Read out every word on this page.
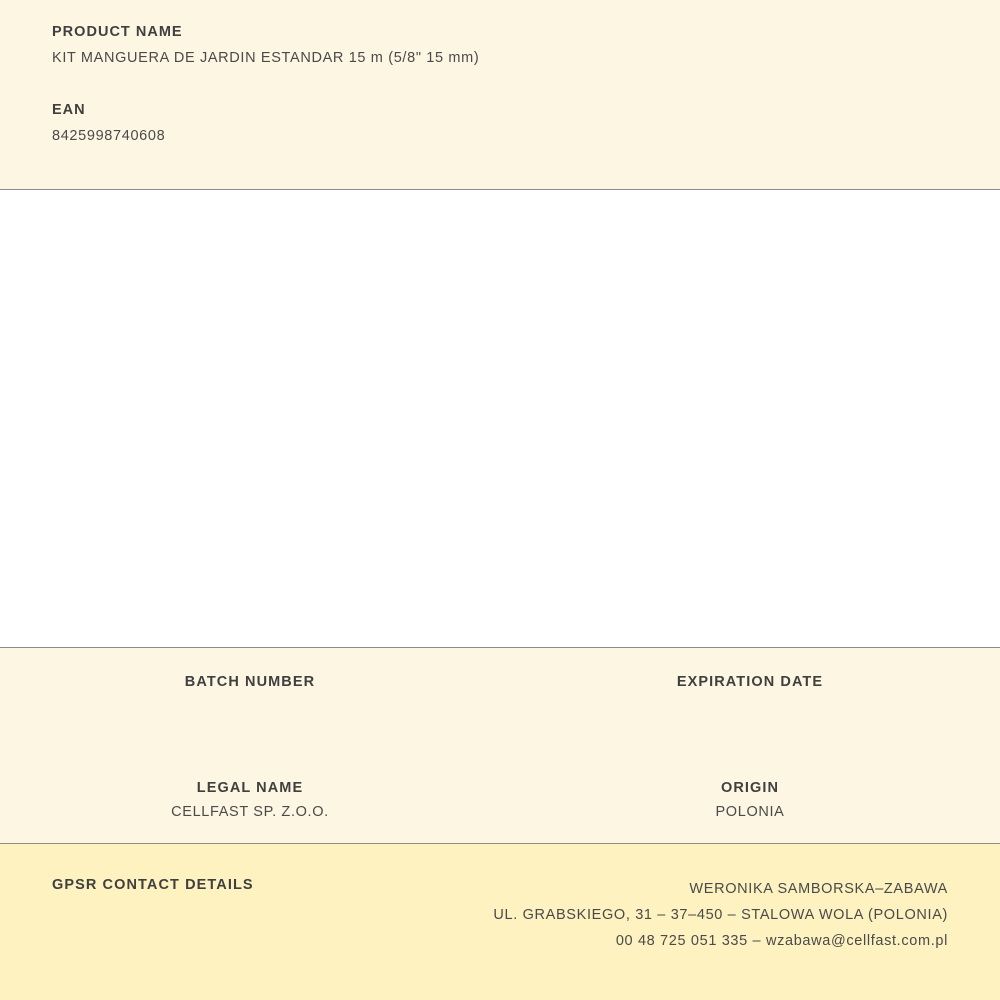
PRODUCT NAME

KIT MANGUERA DE JARDIN ESTANDAR 15 m (5/8" 15 mm)

EAN

8425998740608

BATCH NUMBER	EXPIRATION DATE

LEGAL NAME

CELLFAST SP. Z.O.O.

ORIGIN

POLONIA

GPSR CONTACT DETAILS	WERONIKA SAMBORSKA–ZABAWA
UL. GRABSKIEGO, 31 – 37–450 – STALOWA WOLA (POLONIA)
00 48 725 051 335 – wzabawa@cellfast.com.pl
